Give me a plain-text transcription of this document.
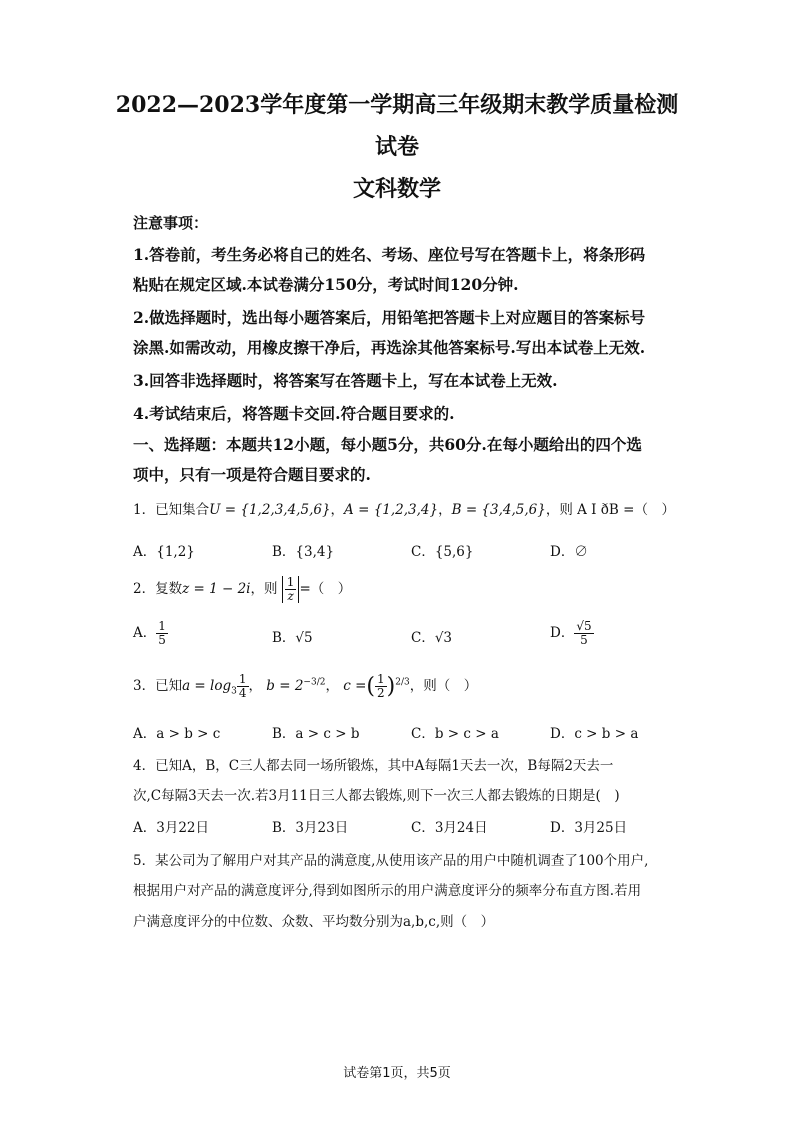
2022—2023学年度第一学期高三年级期末教学质量检测
试卷
文科数学
注意事项：
1.答卷前，考生务必将自己的姓名、考场、座位号写在答题卡上，将条形码
粘贴在规定区域.本试卷满分150分，考试时间120分钟.
2.做选择题时，选出每小题答案后，用铅笔把答题卡上对应题目的答案标号
涂黑.如需改动，用橡皮擦干净后，再选涂其他答案标号.写出本试卷上无效.
3.回答非选择题时，将答案写在答题卡上，写在本试卷上无效.
4.考试结束后，将答题卡交回.符合题目要求的.
一、选择题：本题共12小题，每小题5分，共60分.在每小题给出的四个选
项中，只有一项是符合题目要求的.
1．已知集合U = {1,2,3,4,5,6}，A = {1,2,3,4}，B = {3,4,5,6}，则 A I ðB =（　）
A．{1,2}	B．{3,4}	C．{5,6}	D．∅
2．复数z = 1 − 2i，则 $\frac{1}{z}$ =（　）
A． $\frac{1}{5}$	B．√5	C．√3	D． $\frac{√5}{5}$
3．已知$a = \log_3 \frac{1}{4}$ ， $b = 2^{-3/2}$， c =( $\frac{1}{2} )^{2/3}$，则（　）
A．a > b > c	B．a > c > b	C．b > c > a	D．c > b > a
4．已知A，B，C三人都去同一场所锻炼，其中A每隔1天去一次，B每隔2天去一
次,C每隔3天去一次.若3月11日三人都去锻炼,则下一次三人都去锻炼的日期是(　)
A．3月22日	B．3月23日	C．3月24日	D．3月25日
5．某公司为了解用户对其产品的满意度,从使用该产品的用户中随机调查了100个用户,
根据用户对产品的满意度评分,得到如图所示的用户满意度评分的频率分布直方图.若用
户满意度评分的中位数、众数、平均数分别为a,b,c,则（　）
试卷第1页，共5页
